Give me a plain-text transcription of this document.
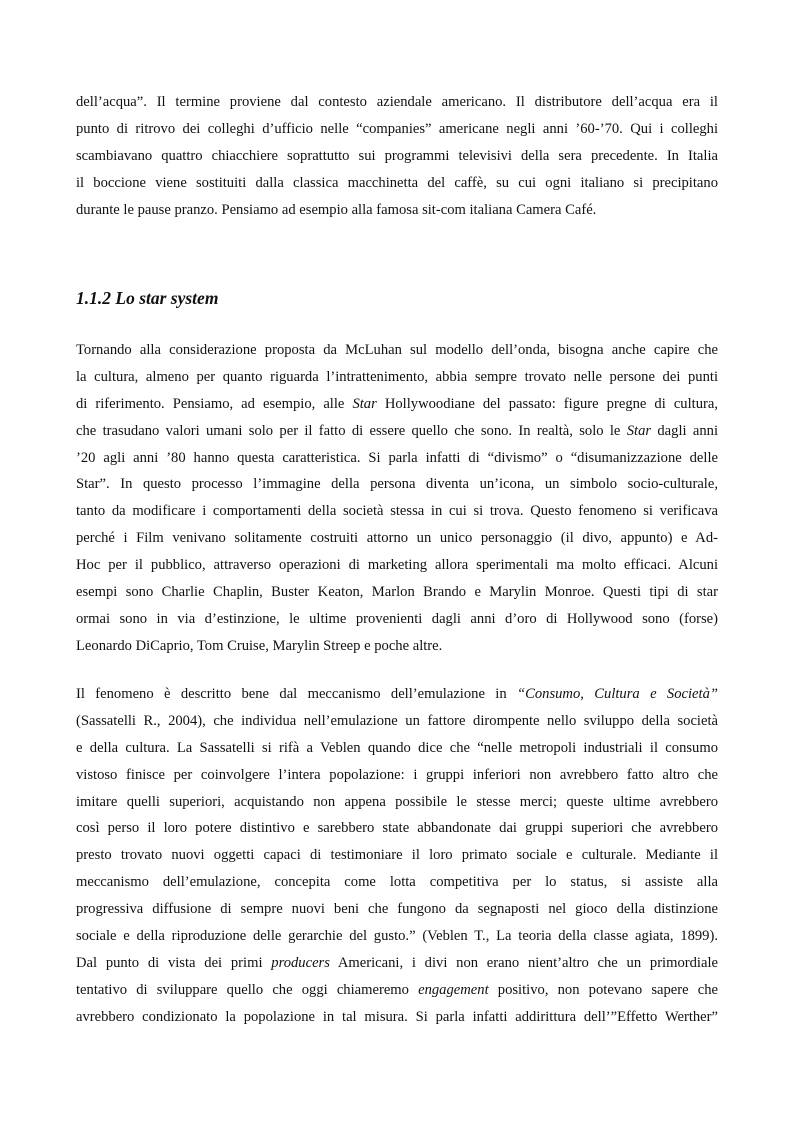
dell’acqua”. Il termine proviene dal contesto aziendale americano. Il distributore dell’acqua era il
punto di ritrovo dei colleghi d’ufficio nelle “companies” americane negli anni ’60-’70. Qui i colleghi
scambiavano quattro chiacchiere soprattutto sui programmi televisivi della sera precedente. In Italia
il boccione viene sostituiti dalla classica macchinetta del caffè, su cui ogni italiano si precipitano
durante le pause pranzo. Pensiamo ad esempio alla famosa sit-com italiana Camera Café.
1.1.2 Lo star system
Tornando alla considerazione proposta da McLuhan sul modello dell’onda, bisogna anche capire che
la cultura, almeno per quanto riguarda l’intrattenimento, abbia sempre trovato nelle persone dei punti
di riferimento. Pensiamo, ad esempio, alle Star Hollywoodiane del passato: figure pregne di cultura,
che trasudano valori umani solo per il fatto di essere quello che sono. In realtà, solo le Star dagli anni
’20 agli anni ’80 hanno questa caratteristica. Si parla infatti di “divismo” o “disumanizzazione delle
Star”. In questo processo l’immagine della persona diventa un’icona, un simbolo socio-culturale,
tanto da modificare i comportamenti della società stessa in cui si trova. Questo fenomeno si verificava
perché i Film venivano solitamente costruiti attorno un unico personaggio (il divo, appunto) e Ad-
Hoc per il pubblico, attraverso operazioni di marketing allora sperimentali ma molto efficaci. Alcuni
esempi sono Charlie Chaplin, Buster Keaton, Marlon Brando e Marylin Monroe. Questi tipi di star
ormai sono in via d’estinzione, le ultime provenienti dagli anni d’oro di Hollywood sono (forse)
Leonardo DiCaprio, Tom Cruise, Marylin Streep e poche altre.
Il fenomeno è descritto bene dal meccanismo dell’emulazione in “Consumo, Cultura e Società”
(Sassatelli R., 2004), che individua nell’emulazione un fattore dirompente nello sviluppo della società
e della cultura. La Sassatelli si rifà a Veblen quando dice che “nelle metropoli industriali il consumo
vistoso finisce per coinvolgere l’intera popolazione: i gruppi inferiori non avrebbero fatto altro che
imitare quelli superiori, acquistando non appena possibile le stesse merci; queste ultime avrebbero
così perso il loro potere distintivo e sarebbero state abbandonate dai gruppi superiori che avrebbero
presto trovato nuovi oggetti capaci di testimoniare il loro primato sociale e culturale. Mediante il
meccanismo dell’emulazione, concepita come lotta competitiva per lo status, si assiste alla
progressiva diffusione di sempre nuovi beni che fungono da segnaposti nel gioco della distinzione
sociale e della riproduzione delle gerarchie del gusto.” (Veblen T., La teoria della classe agiata, 1899).
Dal punto di vista dei primi producers Americani, i divi non erano nient’altro che un primordiale
tentativo di sviluppare quello che oggi chiameremo engagement positivo, non potevano sapere che
avrebbero condizionato la popolazione in tal misura. Si parla infatti addirittura dell’”Effetto Werther”
